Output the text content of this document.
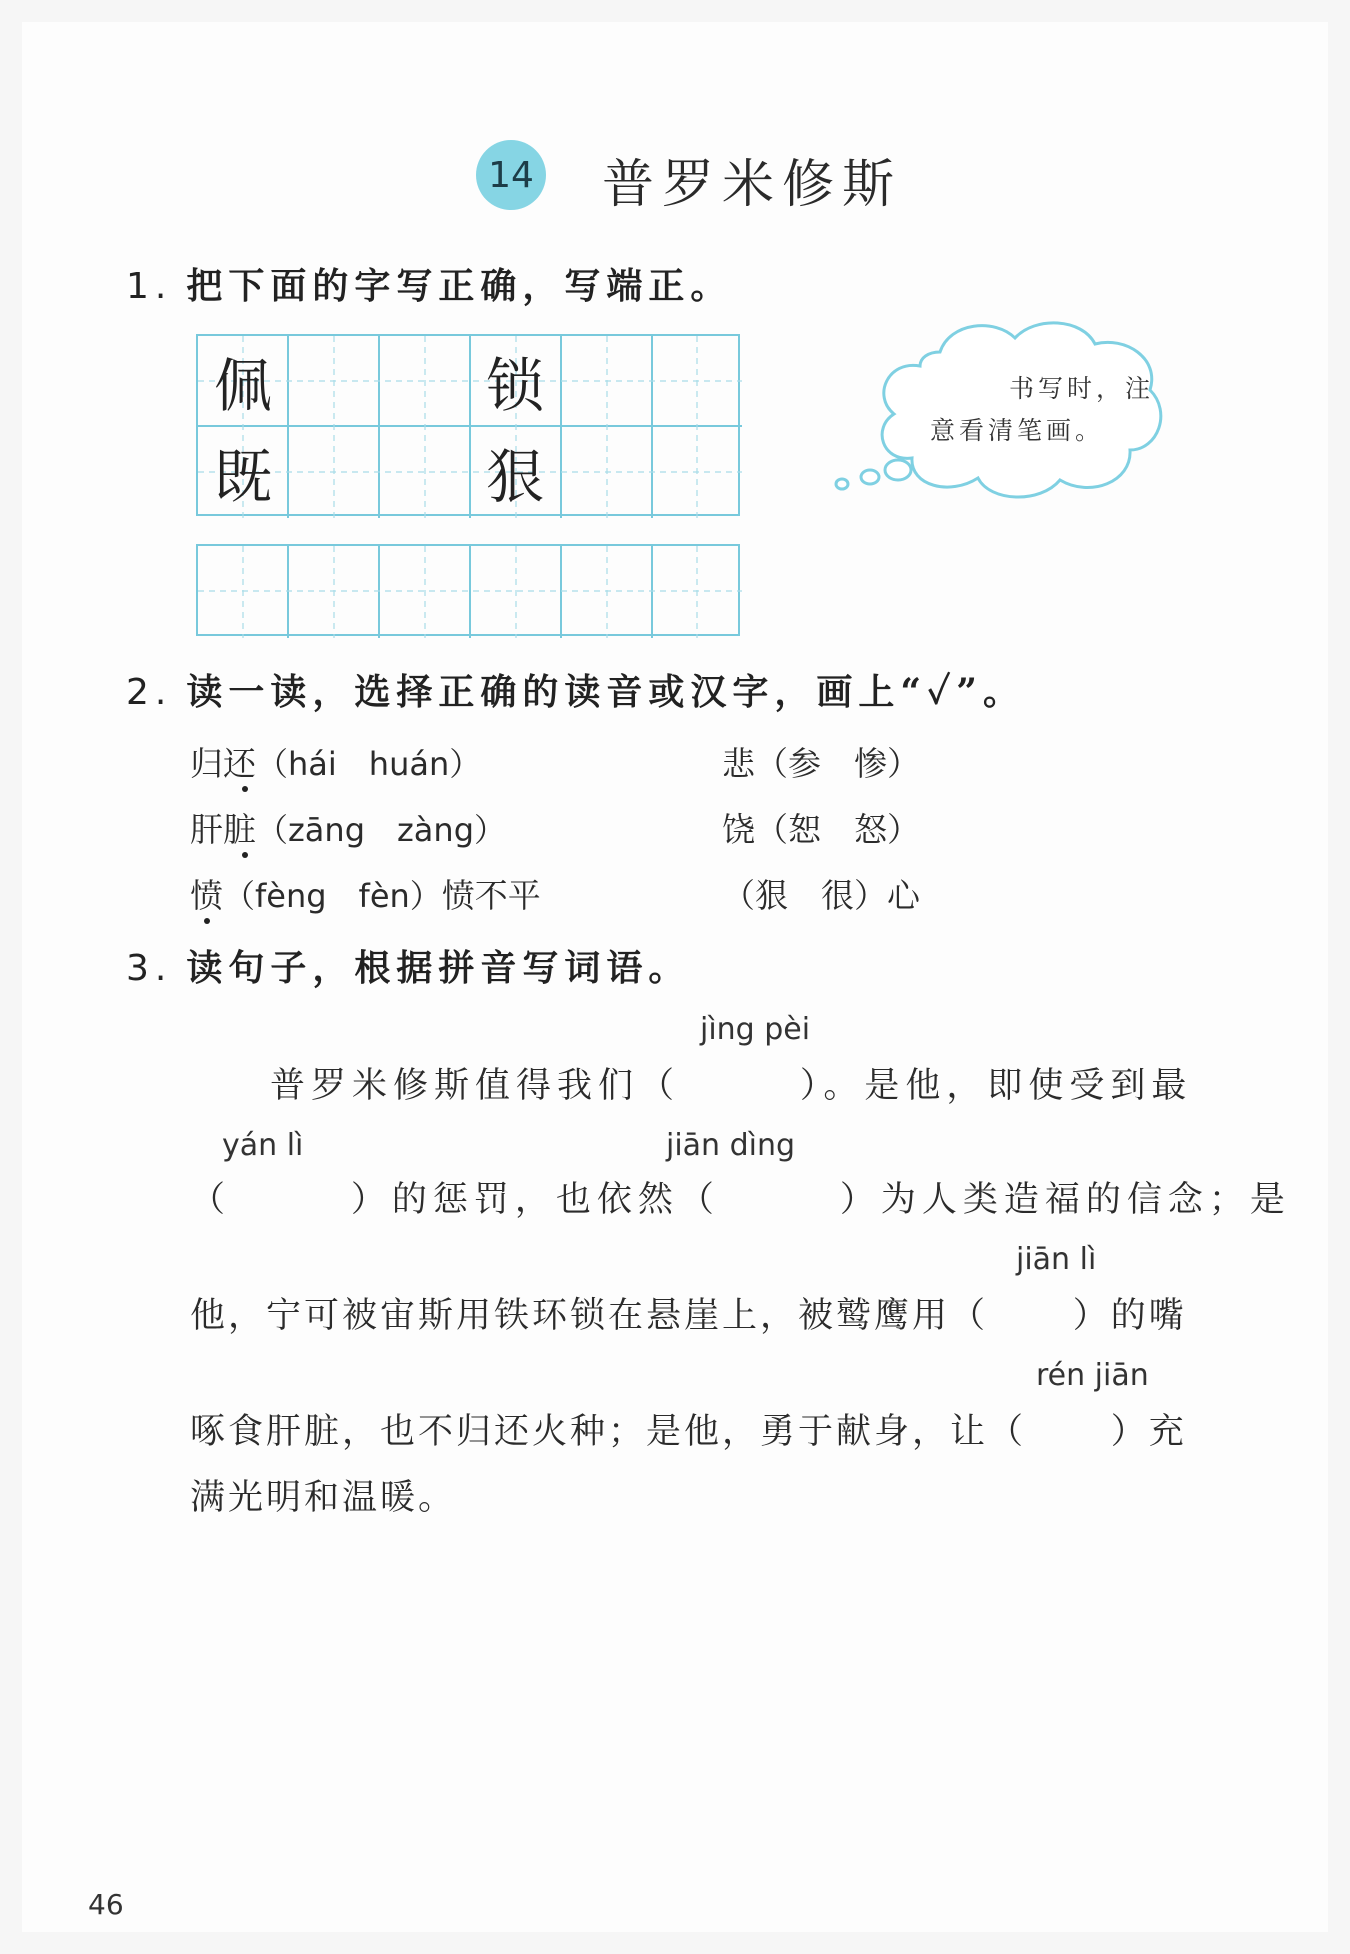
14 普罗米修斯
1. 把下面的字写正确，写端正。
佩	锁
既	狠
书写时，注
意看清笔画。
2. 读一读，选择正确的读音或汉字，画上“✓”。
归还（hái　huán）	悲（参　惨）
肝脏（zāng　zàng）	饶（恕　怒）
愤（fèng　fèn）愤不平	（狠　很）心
3. 读句子，根据拼音写词语。
jìng pèi
yán lì	jiān dìng
jiān lì
rén jiān
普罗米修斯值得我们（	）。是他，即使受到最
（	）的惩罚，也依然（	）为人类造福的信念；是
他，宁可被宙斯用铁环锁在悬崖上，被鹫鹰用（ ）的嘴
啄食肝脏，也不归还火种；是他，勇于献身，让（ ）充
满光明和温暖。
46
